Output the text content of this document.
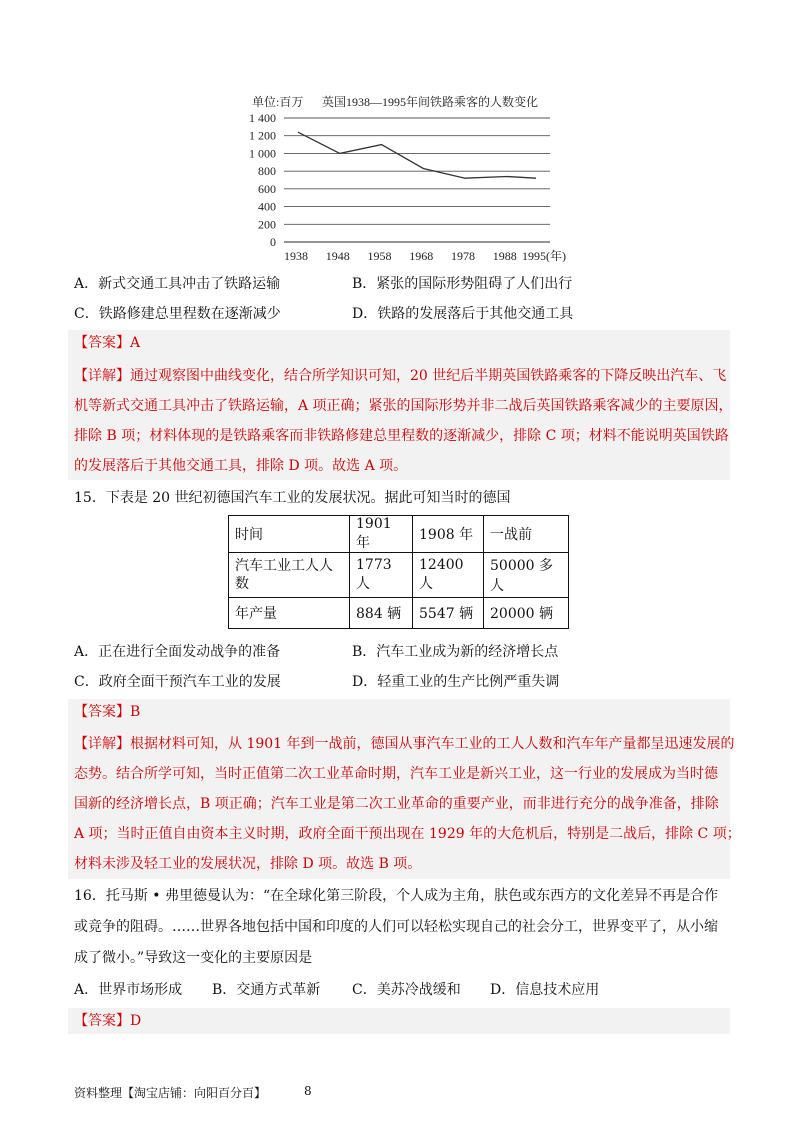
单位:百万 英国1938—1995年间铁路乘客的人数变化
0
200
400
600
800
1 000
1 200
1 400
1938 1948 1958 1968 1978 1988 1995(年)
A．新式交通工具冲击了铁路运输	B．紧张的国际形势阻碍了人们出行
C．铁路修建总里程数在逐渐减少	D．铁路的发展落后于其他交通工具
【答案】A
【详解】通过观察图中曲线变化，结合所学知识可知，20 世纪后半期英国铁路乘客的下降反映出汽车、飞
机等新式交通工具冲击了铁路运输，A 项正确；紧张的国际形势并非二战后英国铁路乘客减少的主要原因，
排除 B 项；材料体现的是铁路乘客而非铁路修建总里程数的逐渐减少，排除 C 项；材料不能说明英国铁路
的发展落后于其他交通工具，排除 D 项。故选 A 项。
15．下表是 20 世纪初德国汽车工业的发展状况。据此可知当时的德国
时间	1901 年	1908 年	一战前

汽车工业工人人
数	1773 人	12400 人	50000 多人
年产量	884 辆	5547 辆	20000 辆
A．正在进行全面发动战争的准备	B．汽车工业成为新的经济增长点
C．政府全面干预汽车工业的发展	D．轻重工业的生产比例严重失调
【答案】B
【详解】根据材料可知，从 1901 年到一战前，德国从事汽车工业的工人人数和汽车年产量都呈迅速发展的
态势。结合所学可知，当时正值第二次工业革命时期，汽车工业是新兴工业，这一行业的发展成为当时德
国新的经济增长点，B 项正确；汽车工业是第二次工业革命的重要产业，而非进行充分的战争准备，排除
A 项；当时正值自由资本主义时期，政府全面干预出现在 1929 年的大危机后，特别是二战后，排除 C 项；
材料未涉及轻工业的发展状况，排除 D 项。故选 B 项。
16．托马斯 • 弗里德曼认为：“在全球化第三阶段，个人成为主角，肤色或东西方的文化差异不再是合作
或竞争的阻碍。……世界各地包括中国和印度的人们可以轻松实现自己的社会分工，世界变平了，从小缩
成了微小。”导致这一变化的主要原因是
A．世界市场形成 B．交通方式革新 C．美苏冷战缓和 D．信息技术应用
【答案】D
资料整理【淘宝店铺：向阳百分百】	8
